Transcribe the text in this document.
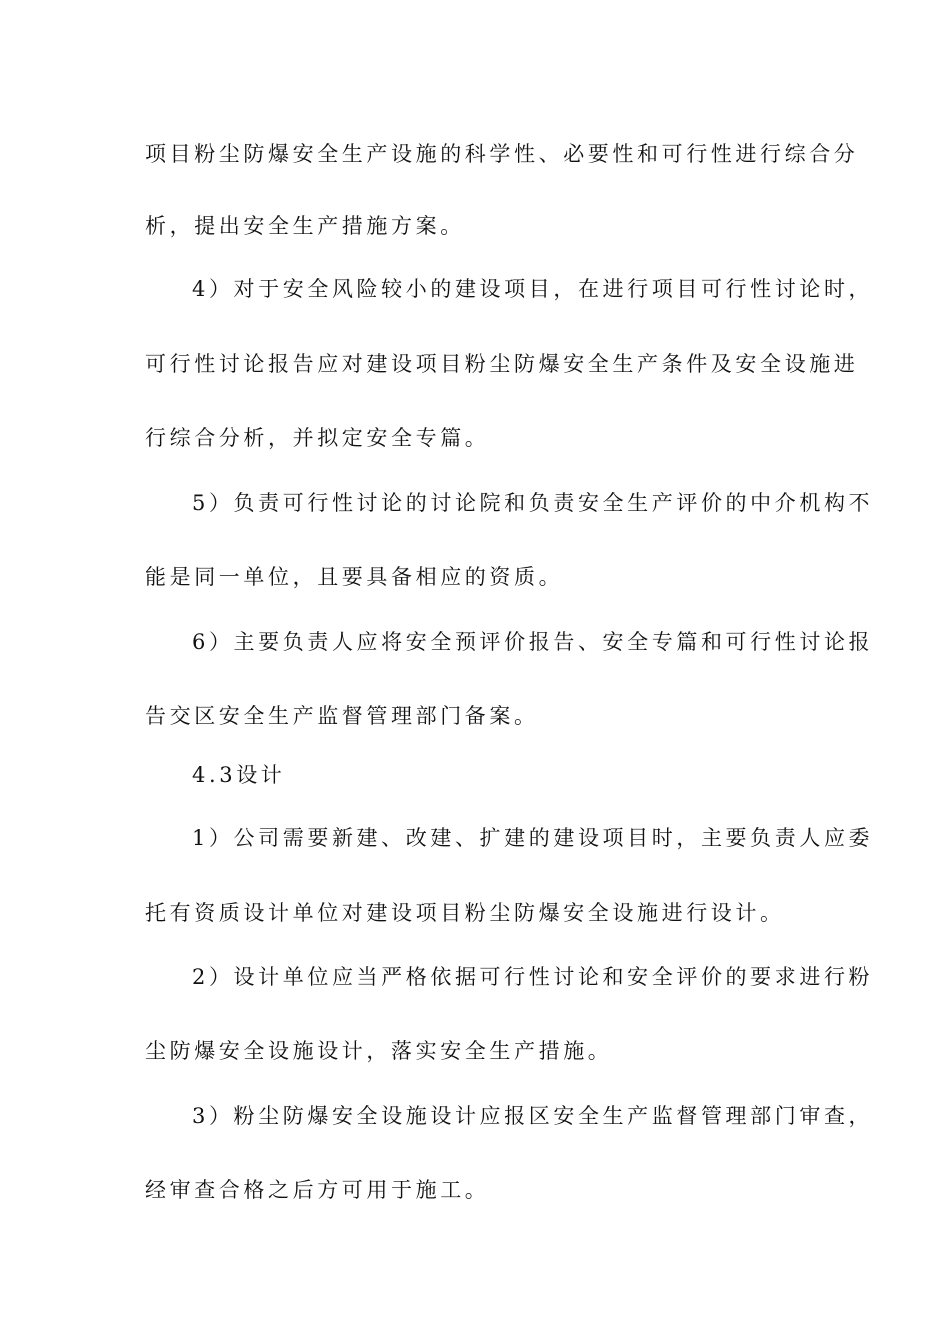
项目粉尘防爆安全生产设施的科学性、必要性和可行性进行综合分
析，提出安全生产措施方案。
4）对于安全风险较小的建设项目，在进行项目可行性讨论时，
可行性讨论报告应对建设项目粉尘防爆安全生产条件及安全设施进
行综合分析，并拟定安全专篇。
5）负责可行性讨论的讨论院和负责安全生产评价的中介机构不
能是同一单位，且要具备相应的资质。
6）主要负责人应将安全预评价报告、安全专篇和可行性讨论报
告交区安全生产监督管理部门备案。
4.3设计
1）公司需要新建、改建、扩建的建设项目时，主要负责人应委
托有资质设计单位对建设项目粉尘防爆安全设施进行设计。
2）设计单位应当严格依据可行性讨论和安全评价的要求进行粉
尘防爆安全设施设计，落实安全生产措施。
3）粉尘防爆安全设施设计应报区安全生产监督管理部门审查，
经审查合格之后方可用于施工。
